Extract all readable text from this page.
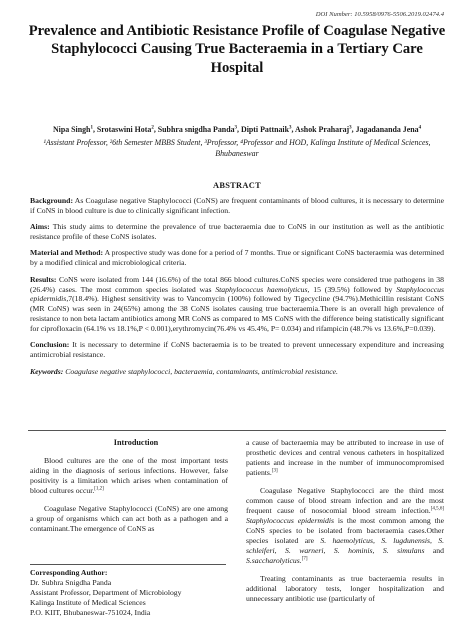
DOI Number: 10.5958/0976-5506.2019.02474.4
Prevalence and Antibiotic Resistance Profile of Coagulase Negative Staphylococci Causing True Bacteraemia in a Tertiary Care Hospital
Nipa Singh$^1$, Srotaswini Hota$^2$, Subhra snigdha Panda$^3$, Dipti Pattnaik$^3$, Ashok Praharaj$^3$, Jagadananda Jena$^4$
¹Assistant Professor, ²6th Semester MBBS Student, ³Professor, ⁴Professor and HOD, Kalinga Institute of Medical Sciences, Bhubaneswar
ABSTRACT

Background: As Coagulase negative Staphylococci (CoNS) are frequent contaminants of blood cultures, it is necessary to determine if CoNS in blood culture is due to clinically significant infection.

Aims: This study aims to determine the prevalence of true bacteraemia due to CoNS in our institution as well as the antibiotic resistance profile of these CoNS isolates.

Material and Method: A prospective study was done for a period of 7 months. True or significant CoNS bacteraemia was determined by a modified clinical and microbiological criteria.

Results: CoNS were isolated from 144 (16.6%) of the total 866 blood cultures.CoNS species were considered true pathogens in 38 (26.4%) cases. The most common species isolated was Staphylococcus haemolyticus, 15 (39.5%) followed by Staphylococcus epidermidis,7(18.4%). Highest sensitivity was to Vancomycin (100%) followed by Tigecycline (94.7%).Methicillin resistant CoNS (MR CoNS) was seen in 24(65%) among the 38 CoNS isolates causing true bacteraemia.There is an overall high prevalence of resistance to non beta lactam antibiotics among MR CoNS as compared to MS CoNS with the difference being statistically significant for ciprofloxacin (64.1% vs 18.1%,P < 0.001),erythromycin(76.4% vs 45.4%, P= 0.034) and rifampicin (48.7% vs 13.6%,P=0.039).

Conclusion: It is necessary to determine if CoNS bacteraemia is to be treated to prevent unnecessary expenditure and increasing antimicrobial resistance.

Keywords: Coagulase negative staphylococci, bacteraemia, contaminants, antimicrobial resistance.

Introduction

Blood cultures are the one of the most important tests aiding in the diagnosis of serious infections. However, false positivity is a limitation which arises when contamination of blood cultures occur.[1,2]

Coagulase Negative Staphylococci (CoNS) are one among a group of organisms which can act both as a pathogen and a contaminant.The emergence of CoNS as

a cause of bacteraemia may be attributed to increase in use of prosthetic devices and central venous catheters in hospitalized patients and increase in the number of immunocompromised patients.[3]

Coagulase Negative Staphylococci are the third most common cause of blood stream infection and are the most frequent cause of nosocomial blood stream infection.[4,5,6] Staphylococcus epidermidis is the most common among the CoNS species to be isolated from bacteraemia cases.Other species isolated are S. haemolyticus, S. lugdunensis, S. schleiferi, S. warneri, S. hominis, S. simulans and S.saccharolyticus.[7]

Treating contaminants as true bacteraemia results in additional laboratory tests, longer hospitalization and unnecessary antibiotic use (particularly of

Corresponding Author:
Dr. Subhra Snigdha Panda
Assistant Professor, Department of Microbiology
Kalinga Institute of Medical Sciences
P.O. KIIT, Bhubaneswar-751024, India
